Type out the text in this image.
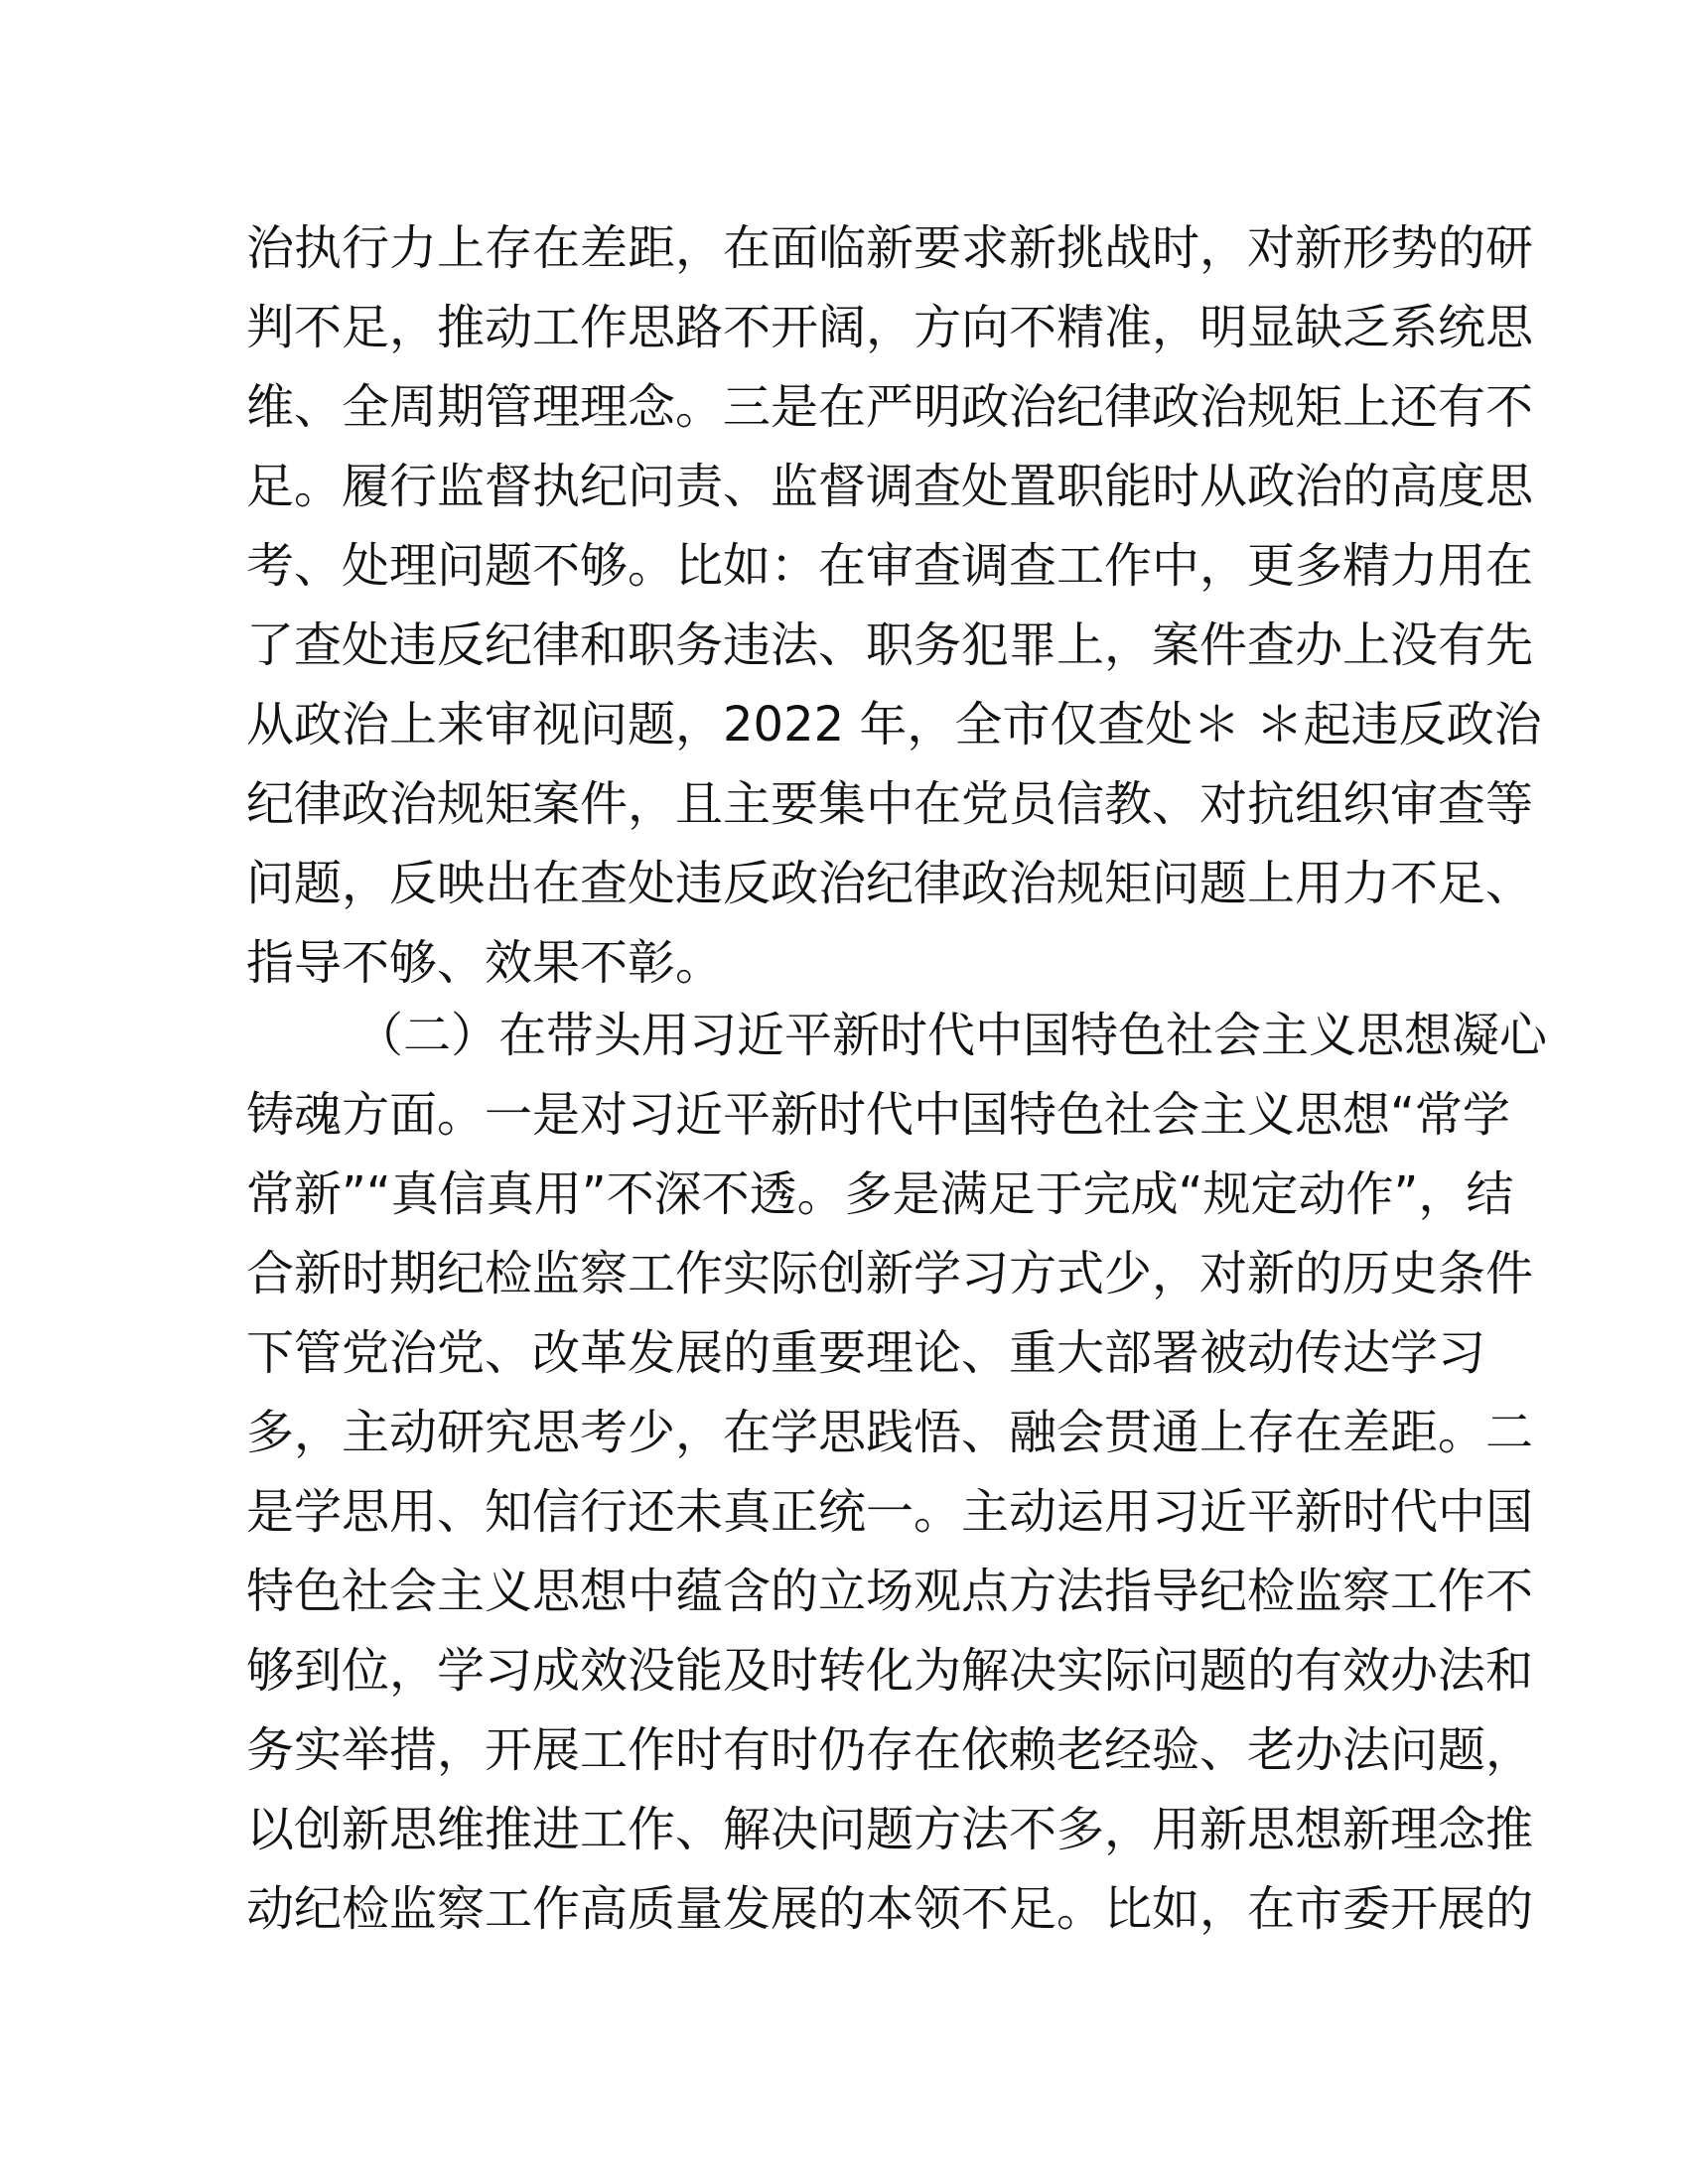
治执行力上存在差距，在面临新要求新挑战时，对新形势的研
判不足，推动工作思路不开阔，方向不精准，明显缺乏系统思
维、全周期管理理念。三是在严明政治纪律政治规矩上还有不
足。履行监督执纪问责、监督调查处置职能时从政治的高度思
考、处理问题不够。比如：在审查调查工作中，更多精力用在
了查处违反纪律和职务违法、职务犯罪上，案件查办上没有先
从政治上来审视问题，2022 年，全市仅查处＊ ＊起违反政治
纪律政治规矩案件，且主要集中在党员信教、对抗组织审查等
问题，反映出在查处违反政治纪律政治规矩问题上用力不足、
指导不够、效果不彰。
（二）在带头用习近平新时代中国特色社会主义思想凝心
铸魂方面。一是对习近平新时代中国特色社会主义思想“常学
常新”“真信真用”不深不透。多是满足于完成“规定动作”，结
合新时期纪检监察工作实际创新学习方式少，对新的历史条件
下管党治党、改革发展的重要理论、重大部署被动传达学习
多，主动研究思考少，在学思践悟、融会贯通上存在差距。二
是学思用、知信行还未真正统一。主动运用习近平新时代中国
特色社会主义思想中蕴含的立场观点方法指导纪检监察工作不
够到位，学习成效没能及时转化为解决实际问题的有效办法和
务实举措，开展工作时有时仍存在依赖老经验、老办法问题，
以创新思维推进工作、解决问题方法不多，用新思想新理念推
动纪检监察工作高质量发展的本领不足。比如，在市委开展的
